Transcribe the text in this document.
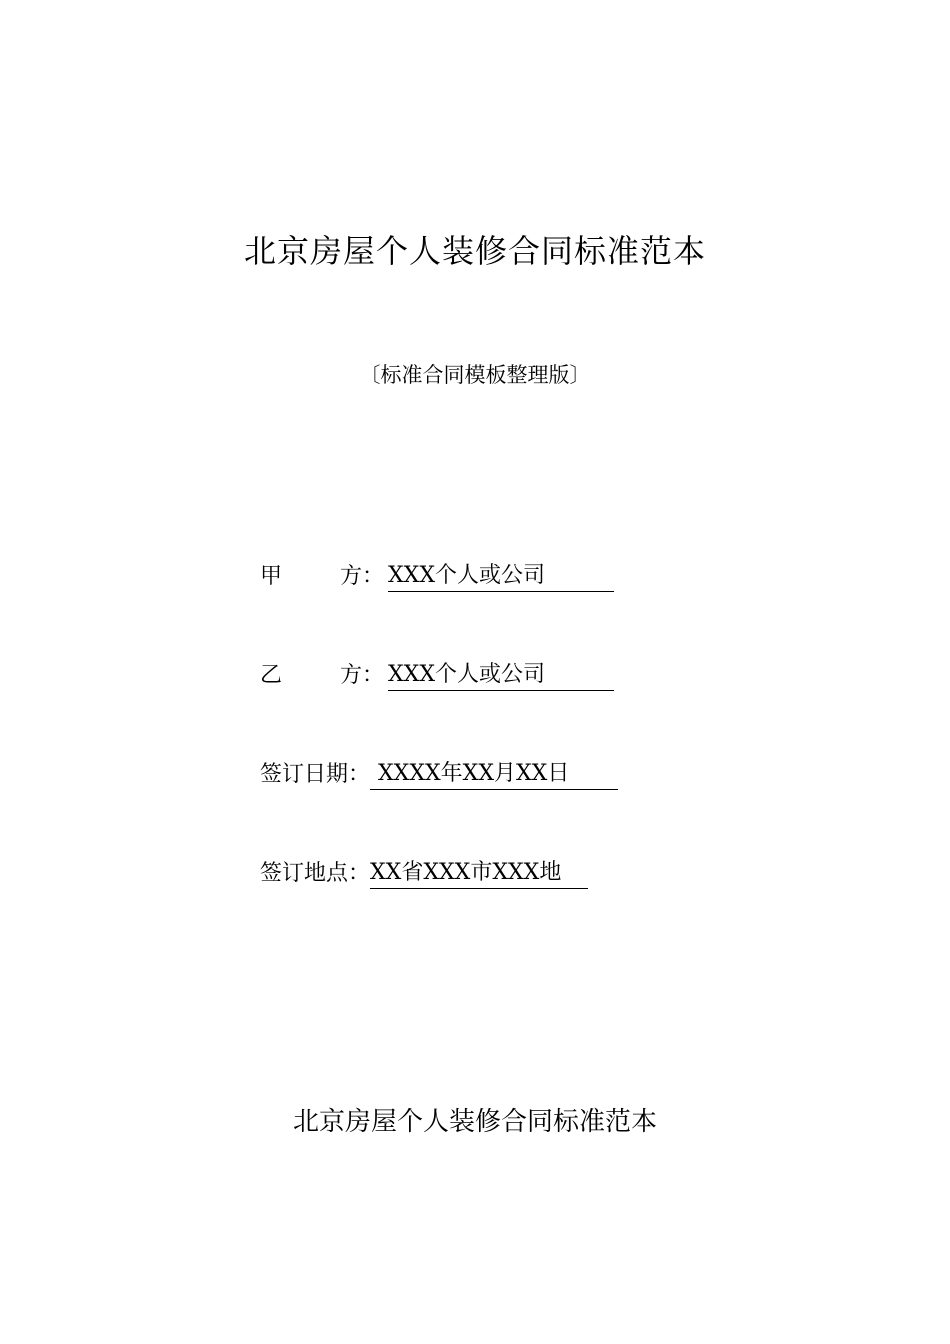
北京房屋个人装修合同标准范本
〔标准合同模板整理版〕
甲	方： XXX个人或公司
乙	方： XXX个人或公司
签订日期： XXXX年XX月XX日
签订地点：XX省XXX市XXX地
北京房屋个人装修合同标准范本
